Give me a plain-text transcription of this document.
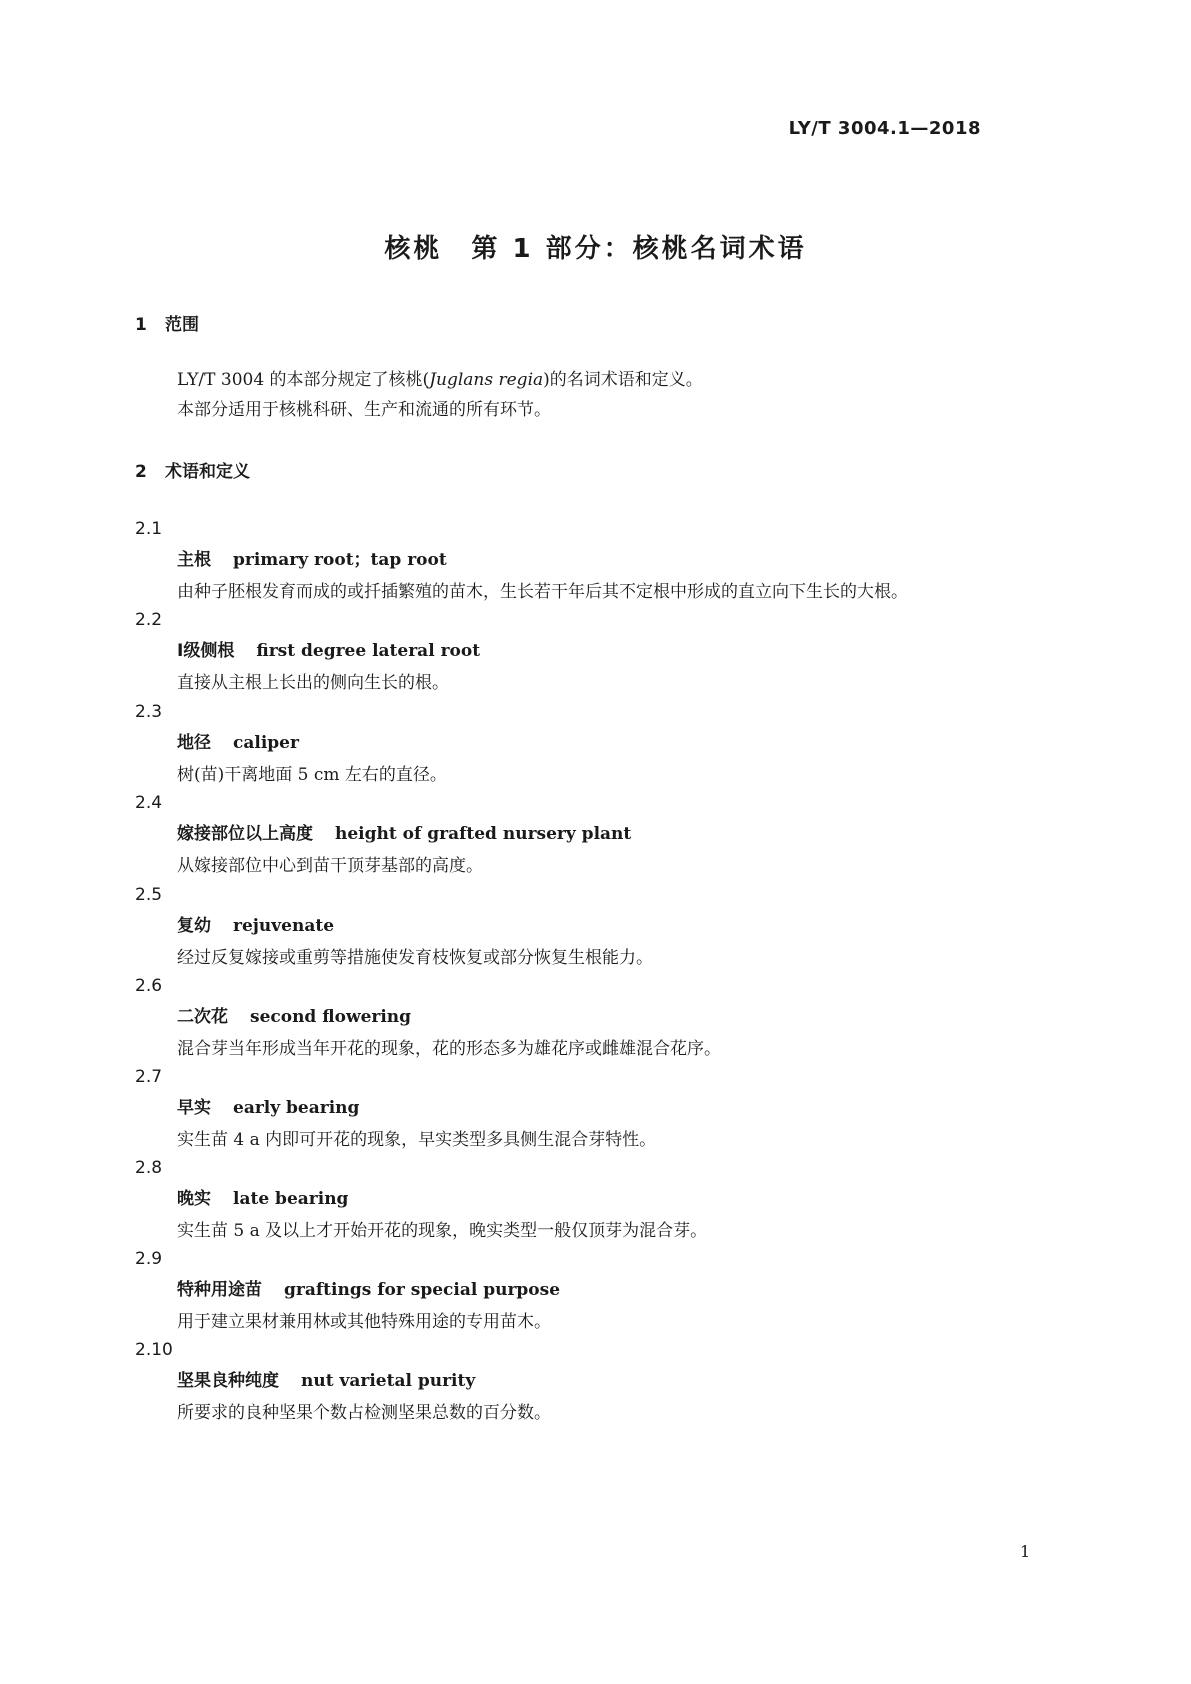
LY/T 3004.1—2018
核桃　第 1 部分：核桃名词术语
1 范围

LY/T 3004 的本部分规定了核桃(Juglans regia)的名词术语和定义。

本部分适用于核桃科研、生产和流通的所有环节。

2 术语和定义
2.1
主根 primary root；tap root
由种子胚根发育而成的或扦插繁殖的苗木，生长若干年后其不定根中形成的直立向下生长的大根。
2.2
Ⅰ级侧根 first degree lateral root
直接从主根上长出的侧向生长的根。
2.3
地径 caliper
树(苗)干离地面 5 cm 左右的直径。
2.4
嫁接部位以上高度 height of grafted nursery plant
从嫁接部位中心到苗干顶芽基部的高度。
2.5
复幼 rejuvenate
经过反复嫁接或重剪等措施使发育枝恢复或部分恢复生根能力。
2.6
二次花 second flowering
混合芽当年形成当年开花的现象，花的形态多为雄花序或雌雄混合花序。
2.7
早实 early bearing
实生苗 4 a 内即可开花的现象，早实类型多具侧生混合芽特性。
2.8
晚实 late bearing
实生苗 5 a 及以上才开始开花的现象，晚实类型一般仅顶芽为混合芽。
2.9
特种用途苗 graftings for special purpose
用于建立果材兼用林或其他特殊用途的专用苗木。
2.10
坚果良种纯度 nut varietal purity
所要求的良种坚果个数占检测坚果总数的百分数。
1
